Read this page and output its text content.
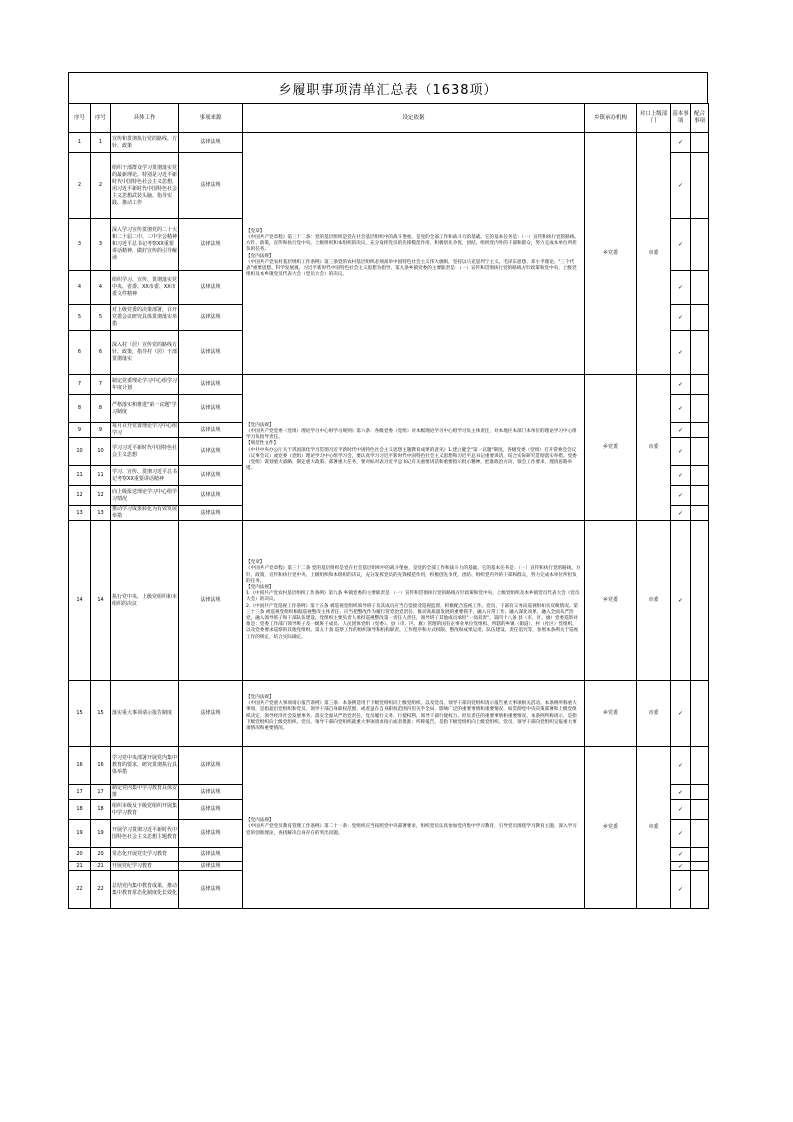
乡履职事项清单汇总表（1638项）
序号	序号	具体工作	事项来源	设定依据	乡镇承办机构	对口上级部门	基本事项	配合事项
1	1	宣传和贯彻执行党的路线、方针、政策	法律法规	【党章】
《中国共产党章程》第三十二条：党的基层组织是党在社会基层组织中的战斗堡垒，是党的全部工作和战斗力的基础。它的基本任务是：（一）宣传和执行党的路线、方针、政策，宣传和执行党中央、上级组织和本组织的决议，充分发挥党员的先锋模范作用，积极创先争优，团结、组织党内外的干部和群众，努力完成本单位所担负的任务。
【党内法规】
《中国共产党农村基层组织工作条例》第三条党的农村基层组织必须高举中国特色社会主义伟大旗帜，坚持以马克思列宁主义、毛泽东思想、邓小平理论、"三个代表"重要思想、科学发展观、习近平新时代中国特色社会主义思想为指导。第九条乡镇党委的主要职责是：（一）宣传和贯彻执行党的路线方针政策和党中央、上级党组织及本乡镇党员代表大会（党员大会）的决议。	乡党委	市委	✓	
2	2	组织干部群众学习贯彻落实党的最新理论，特别是习近平新时代中国特色社会主义思想，用习近平新时代中国特色社会主义思想武装头脑、指导实践、推动工作	法律法规				✓	
3	3	深入学习宣传贯彻党的二十大和二十届二中、三中全会精神和习近平总书记考察XX重要讲话精神，做好宣传的引导解读	法律法规				✓	
4	4	组织学习、宣传、贯彻落实党中央、省委、XX市委、XX市委文件精神	法律法规				✓	
5	5	对上级党委的决策部署，召开党委会议研究具体贯彻落实举措	法律法规				✓	
6	6	深入村（居）宣传党的路线方针、政策，指导村（居）干部贯彻落实	法律法规				✓	
7	7	制定党委理论学习中心组学习年度计划	法律法规	【党内法规】
《中国共产党党委（党组）理论学习中心组学习规则》第六条：各级党委（党组）对本级理论学习中心组学习负主体责任，对本地区本部门本单位的理论学习中心组学习负指导责任。
【规范性文件】
《中共中央办公厅关于巩固深化学习贯彻习近平新时代中国特色社会主义思想主题教育成果的意见》1.建立健全"第一议题"制度。各级党委（党组）召开常委会会议（议事会议）或党委（党组）理论学习中心组学习会，要认真学习习近平新时代中国特色社会主义思想和习近平总书记重要讲话，结合实际研究贯彻落实举措。党委（党组）谋划重大战略、制定重大政策、部署重大任务，要对标对表习近平总书记有关重要讲话和重要指示批示精神，把准政治方向，领会工作要求，理清思路举措。	乡党委	市委	✓	
8	8	严格落实和推进"第一议题"学习制度	法律法规				✓	
9	9	每月召开党委理论学习中心组学习	法律法规				✓	
10	10	学习习近平新时代中国特色社会主义思想	法律法规				✓	
11	11	学习、宣传、贯彻习近平总书记考察XX重要讲话精神	法律法规				✓	
12	12	向上级报送理论学习中心组学习情况	法律法规				✓	
13	13	推动学习成果转化为有效发展举措	法律法规				✓	
14	14	执行党中央、上级党组织和本组织的决议	法律法规	【党章】
《中国共产党章程》第三十二条 党的基层组织是党在社会基层组织中的战斗堡垒，是党的全部工作和战斗力的基础。它的基本任务是：（一）宣传和执行党的路线、方针、政策，宣传和执行党中央、上级组织和本组织的决议，充分发挥党员的先锋模范作用，积极创先争优，团结、组织党内外的干部和群众，努力完成本单位所担负的任务。
【党内法规】
1.《中国共产党农村基层组织工作条例》第九条 乡镇党委的主要职责是 （一）宣传和贯彻执行党的路线方针政策和党中央、上级党组织及本乡镇党员代表大会（党员大会）的决议。
2.《中国共产党巡视工作条例》第十五条 被巡视党组织领导班子及其成员应当自觉接受巡视监督，积极配合巡视工作。党员、干部有义务向巡视组如实反映情况。第三十三条 被巡视党组织根据巡视整改主体责任，应当把整改作为履行管党治党责任、推动高质量发展的重要抓手，融入日常工作、融入深化改革、融入全面从严治党、融入领导班子和干部队伍建设。党组织主要负责人承担巡视整改第一责任人责任，领导班子其他成员承担"一岗双责"。第四十八条 县（市、区、旗）党委巡察对象是：党委工作部门领导班子及一级班子成员、人民团体党组（党委）、县（市、区、旗）管理的国有企事业单位党组织、所辖的乡镇（街道）、村（社区）党组织，以及党委要求巡察的其他党组织。第五十条 巡察工作的组织领导和机构职责、工作程序和方式权限、整改和成果运用、队伍建设、责任追究等，参照本条例关于巡视工作的规定，结合实际确定。	乡党委	市委	✓	
15	15	落实重大事项请示报告制度	法律法规	【党内法规】
《中国共产党重大事项请示报告条例》第三条：本条例适用于下级党组织向上级党组织、以及党员、领导干部向党组织请示报告重大事项相关活动。本条例所称重大事项，是指超出党组织和党员、领导干部自身职权范围，或者虽在自身职权范围内但关乎全局、影响广泛的重要事情和重要情况，如贯彻党中央决策部署和上级党组织决定、领导经济社会发展事务、落实全面从严治党责任，党员履行义务、行使权利，领导干部行使权力、担负责任的重要事情和重要情况。本条例所称请示，是指下级党组织向上级党组织、党员、领导干部向党组织就重大事项请求指示或者批准；所称报告，是指下级党组织向上级党组织、党员、领导干部向党组织呈报重大事项情况和重要情况。	乡党委	市委	✓	
16	16	学习党中央部署开展党内集中教育的要求，研究贯彻执行具体举措	法律法规	【党内法规】
《中国共产党党员教育管理工作条例》第二十一条：党组织应当按照党中央部署要求，组织党员认真参加党内集中学习教育，引导党员围绕学习教育主题，深入学习党的创新理论，查找解决自身存在的突出问题。	乡党委	市委	✓	
17	17	制定党内集中学习教育具体安排	法律法规				✓	
18	18	组织本级及下级党组织开展集中学习教育	法律法规				✓	
19	19	开展学习贯彻习近平新时代中国特色社会主义思想主题教育	法律法规				✓	
20	20	常态化开展党史学习教育	法律法规				✓	
21	21	开展党纪学习教育	法律法规				✓	
22	22	总结党内集中教育成果，推动集中教育常态化制度化长效化	法律法规				✓	
